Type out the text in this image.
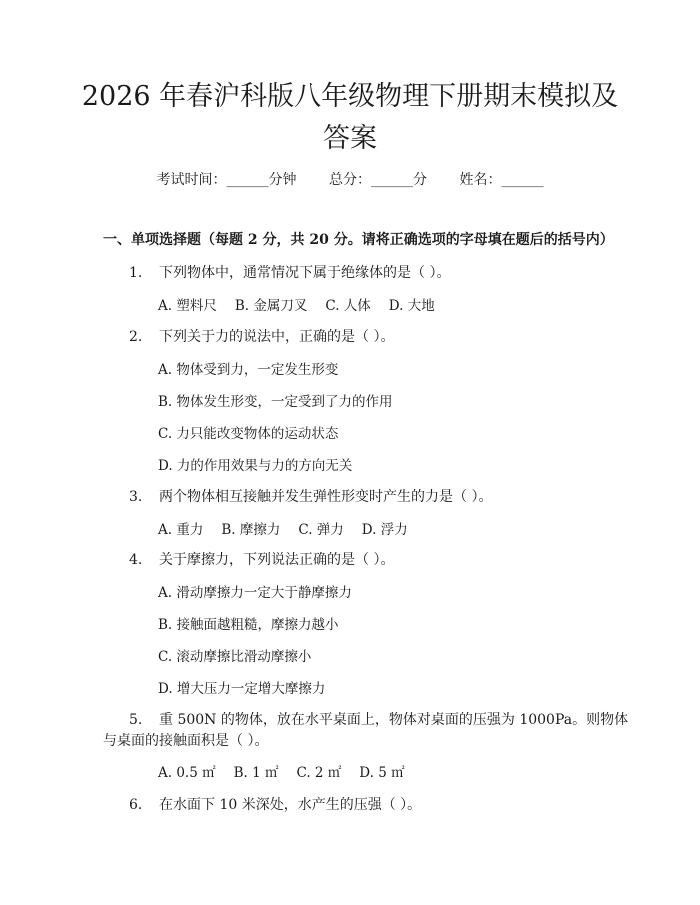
2026 年春沪科版八年级物理下册期末模拟及
答案
考试时间：______分钟 总分：______分 姓名：______
一、单项选择题（每题 2 分，共 20 分。请将正确选项的字母填在题后的括号内）
1. 下列物体中，通常情况下属于绝缘体的是（ ）。
A. 塑料尺 B. 金属刀叉 C. 人体 D. 大地
2. 下列关于力的说法中，正确的是（ ）。
A. 物体受到力，一定发生形变
B. 物体发生形变，一定受到了力的作用
C. 力只能改变物体的运动状态
D. 力的作用效果与力的方向无关
3. 两个物体相互接触并发生弹性形变时产生的力是（ ）。
A. 重力 B. 摩擦力 C. 弹力 D. 浮力
4. 关于摩擦力，下列说法正确的是（ ）。
A. 滑动摩擦力一定大于静摩擦力
B. 接触面越粗糙，摩擦力越小
C. 滚动摩擦比滑动摩擦小
D. 增大压力一定增大摩擦力
5. 重 500N 的物体，放在水平桌面上，物体对桌面的压强为 1000Pa。则物体
与桌面的接触面积是（ ）。
A. 0.5 ㎡ B. 1 ㎡ C. 2 ㎡ D. 5 ㎡
6. 在水面下 10 米深处，水产生的压强（ ）。
